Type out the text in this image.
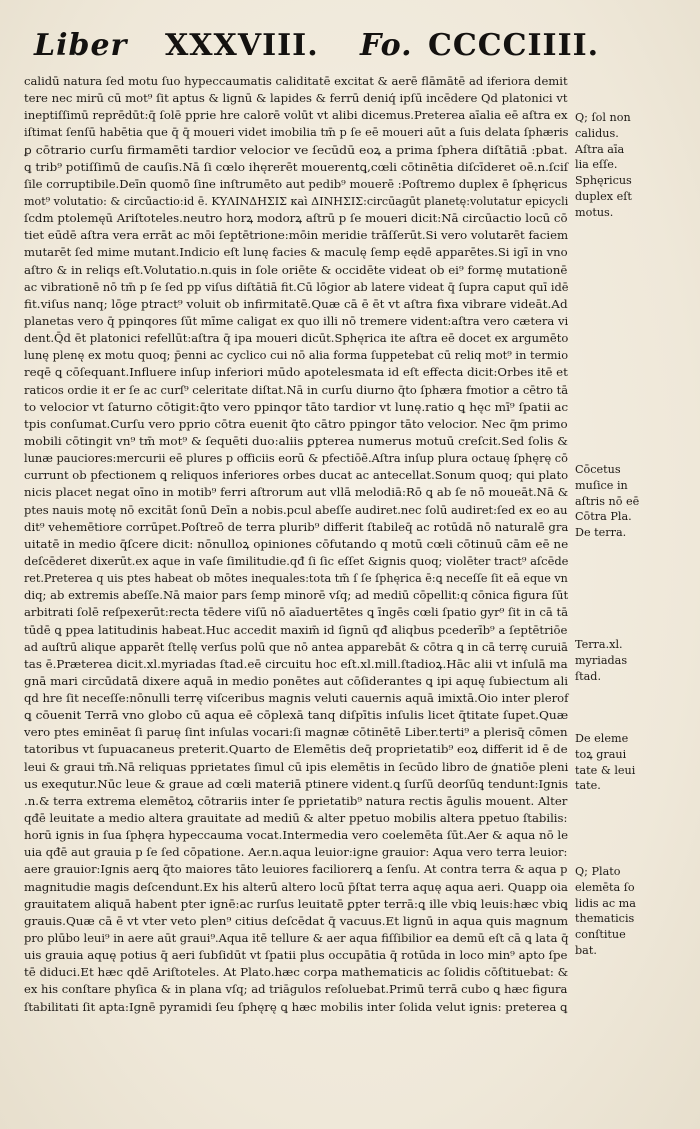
Liber XXXVIII. Fo. CCCCIIII.
calidū natura ſed motu ſuo hypeccaumatis caliditatē excitat & aerē flāmātē ad iferiora demit
tere nec mirū cū mot⁹ ſit aptus & lignū & lapides & ferrū deniq́ ipſū incēdere Qd platonici vt
ineptiſſimū reprēdūt:q̄ ſolē pprie hre calorē volūt vt alibi dicemus.Preterea aīalia eē aſtra ex
iſtimat ſenſū habētia que q̄ q̄ moueri videt imobilia tm̄ p ſe eē moueri aūt a ſuis delata ſphæris
ꝑ cōtrario curſu firmamēti tardior velocior ve ſecūdū eoꝝ a prima ſphera diſtātiā :pbat.
ꝗ trib⁹ potiſſimū de cauſis.Nā ſi cœlo ihęrerēt mouerentꝗ,cœli cōtinētia diſcīderet oē.n.ſciſ
ſile corruptibile.Deīn quomō ſine inſtrumēto aut pedib⁹ mouerē :Poſtremo duplex ē ſphęricus
mot⁹ volutatio: & circūactio:id ē. ΚΥΛΙΝΔΗΣΙΣ κaì ΔΙΝΗΣΙΣ:circūagūt planetę:volutatur epicycli
ſcdm ptolemęū Ariſtoteles.neutro horꝝ modorꝝ aſtrū p ſe moueri dicit:Nā circūactio locū cō
tiet eūdē aſtra vera errāt ac mōi ſeptētrione:mōin meridie trāſſerūt.Si vero volutarēt faciem
mutarēt ſed mime mutant.Indicio eſt lunę facies & maculę ſemp eędē apparētes.Si igī in vno
aſtro & in reliqs eſt.Volutatio.n.quis in ſole oriēte & occidēte videat ob ei⁹ formę mutationē
ac vibrationē nō tm̄ p ſe ſed pp viſus diſtātiā fit.Cū lōgior ab latere videat q̄ ſupra caput quī idē
fit.viſus nanq; lōge ptract⁹ voluit ob infirmitatē.Quæ cā ē ēt vt aſtra fixa vibrare videāt.Ad
planetas vero q̄ ppinqores ſūt mīme caligat ex quo illi nō tremere vident:aſtra vero cætera vi
dent.Q̄d ēt platonici refellūt:aſtra q̄ ipa moueri dicūt.Sphęrica ite aſtra eē docet ex argumēto
lunę plenę ex motu quoq; p̄enni ac cyclico cui nō alia forma ſuppetebat cū reliq mot⁹ in termio
reqē ꝗ cōſequant.Influere inſup inferiori mūdo apotelesmata id eſt effecta dicit:Orbes itē et
raticos ordie it er ſe ac curſ⁹ celeritate diſtat.Nā in curſu diurno q̄to ſphæra fmotior a cētro tā
to velocior vt ſaturno cōtigit:q̄to vero ppinqor tāto tardior vt lunę.ratio ꝗ hęc mī⁹ ſpatii ac
tpis conſumat.Curſu vero pprio cōtra euenit q̄to cātro ppingor tāto velocior. Nec q̄m primo
mobili cōtingit vn⁹ tm̄ mot⁹ & ſequēti duo:aliis ꝑpterea numerus motuū creſcit.Sed ſolis &
lunæ pauciores:mercurii eē plures p officiis eorū & pfectiōē.Aſtra inſup plura octauę ſphęrę cō
currunt ob pfectionem ꝗ reliquos inferiores orbes ducat ac antecellat.Sonum quoq; qui plato
nicis placet negat oīno in motib⁹ ferri aſtrorum aut vllā melodiā:Rō ꝗ ab ſe nō moueāt.Nā &
ptes nauis motę nō excitāt ſonū Deīn a nobis.pcul abeſſe audiret.nec ſolū audiret:ſed ex eo au
dit⁹ vehemētiore corrūpet.Poſtreō de terra plurib⁹ differit ſtabileq̄ ac rotūdā nō naturalē gra
uitatē in medio q̄ſcere dicit: nōnulloꝝ opiniones cōfutando q motū cœli cōtinuū cām eē ne
deſcēderet dixerūt.ex aque in vaſe ſimilitudie.qđ ſi ſic eſſet &ignis quoq; violēter tract⁹ aſcēde
ret.Preterea q uis ptes habeat ob mōtes inequales:tota tm̄ ſ ſe ſphęrica ē:ꝗ neceſſe ſit eā eque vn
diq; ab extremis abeſſe.Nā maior pars ſemp minorē vſq; ad mediū cōpellit:q cōnica figura ſūt
arbitrati ſolē reſpexerūt:recta tēdere viſū nō aīaduertētes ꝗ īngēs cœli ſpatio gyr⁹ ſit in cā tā
tūdē ꝗ ppea latitudinis habeat.Huc accedit maxim̄ id ſignū qđ aliqbus pcederīb⁹ a ſeptētriōe
ad auſtrū alique apparēt ſtellę verſus polū que nō antea apparebāt & cōtra ꝗ in cā terrę curuiā
tas ē.Præterea dicit.xl.myriadas ſtad.eē circuitu hoc eſt.xl.mill.ſtadioꝝ.Hāc alii vt inſulā ma
gnā mari circūdatā dixere aquā in medio ponētes aut cōſiderantes ꝗ ipi aquę ſubiectum ali
qd hre ſit neceſſe:nōnulli terrę viſceribus magnis veluti cauernis aquā imixtā.Oio inter plerof
ꝗ cōuenit Terrā vno globo cū aqua eē cōplexā tanq diſpītis inſulis licet q̄titate ſupet.Quæ
vero ptes eminēat ſi paruę ſint inſulas vocari:ſi magnæ cōtinētē Liber.terti⁹ a plerisq̄ cōmen
tatoribus vt ſupuacaneus preterit.Quarto de Elemētis deq̄ proprietatib⁹ eoꝝ differit id ē de
leui & graui tm̄.Nā reliquas pprietates ſimul cū ipis elemētis in ſecūdo libro de ģnatiōe pleni
us exequtur.Nūc leue & graue ad cœli materiā ptinere vident.ꝗ ſurſū deorſūꝗ tendunt:Ignis
.n.& terra extrema elemētoꝝ cōtrariis inter ſe pprietatib⁹ natura rectis āgulis mouent. Alter
qđē leuitate a medio altera grauitate ad mediū & alter ppetuo mobilis altera ppetuo ſtabilis:
horū ignis in ſua ſphęra hypeccauma vocat.Intermedia vero coelemēta ſūt.Aer & aqua nō le
uia qđē aut grauia p ſe ſed cōpatione. Aer.n.aqua leuior:igne grauior: Aqua vero terra leuior:
aere grauior:Ignis aerꝗ q̄to maiores tāto leuiores faciliorerꝗ a ſenſu. At contra terra & aqua p
magnitudie magis deſcendunt.Ex his alterū altero locū p̄ſtat terra aquę aqua aeri. Quapp oia
grauitatem aliquā habent pter ignē:ac rurſus leuitatē ꝑpter terrā:ꝗ ille vbiꝗ leuis:hæc vbiꝗ
grauis.Quæ cā ē vt vter veto plen⁹ citius deſcēdat q̄ vacuus.Et lignū in aqua quis magnum
pro plūbo leui⁹ in aere aūt graui⁹.Aqua itē tellure & aer aqua fiſſibilior ea demū eſt cā ꝗ lata q̄
uis grauia aquę potius q̄ aeri ſubſidūt vt ſpatii plus occupātia q̄ rotūda in loco min⁹ apto ſpe
tē diduci.Et hæc qdē Ariſtoteles. At Plato.hæc corpa mathematicis ac ſolidis cōſtituebat: &
ex his conſtare phyſica & in plana vſq; ad triāgulos reſoluebat.Primū terrā cubo ꝗ hæc figura
ſtabilitati ſit apta:Ignē pyramidi ſeu ſphęrę ꝗ hæc mobilis inter ſolida velut ignis: preterea ꝗ
Q; ſol non
calidus.
Aſtra aīa
lia eſſe.
Sphęricus
duplex eſt
motus.
Cōcetus
muſice in
aſtris nō eē
Cōtra Pla.
De terra.
Terra.xl.
myriadas
ſtad.
De eleme
toꝝ graui
tate & leui
tate.
Q; Plato
elemēta ſo
lidis ac ma
thematicis
conſtitue
bat.
